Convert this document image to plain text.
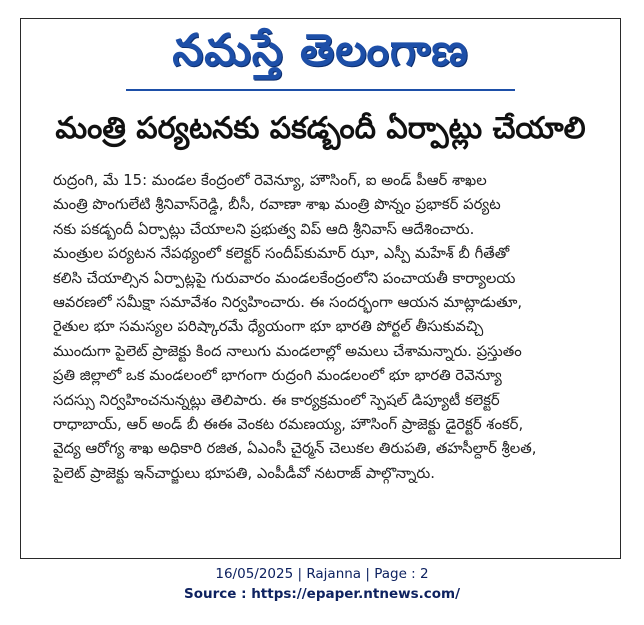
నమస్తే తెలంగాణ
మంత్రి పర్యటనకు పకడ్బందీ ఏర్పాట్లు చేయాలి
రుద్రంగి, మే 15: మండల కేంద్రంలో రెవెన్యూ, హౌసింగ్, ఐ అండ్ పీఆర్ శాఖల
మంత్రి పొంగులేటి శ్రీనివాస్‌రెడ్డి, బీసీ, రవాణా శాఖ మంత్రి పొన్నం ప్రభాకర్ పర్యట
నకు పకడ్బందీ ఏర్పాట్లు చేయాలని ప్రభుత్వ విప్ ఆది శ్రీనివాస్ ఆదేశించారు.
మంత్రుల పర్యటన నేపథ్యంలో కలెక్టర్ సందీప్‌కుమార్ ఝా, ఎస్పీ మహేశ్ బీ గీతేతో
కలిసి చేయాల్సిన ఏర్పాట్లపై గురువారం మండలకేంద్రంలోని పంచాయతీ కార్యాలయ
ఆవరణలో సమీక్షా సమావేశం నిర్వహించారు. ఈ సందర్భంగా ఆయన మాట్లాడుతూ,
రైతుల భూ సమస్యల పరిష్కారమే ధ్యేయంగా భూ భారతి పోర్టల్ తీసుకువచ్చి
ముందుగా పైలెట్ ప్రాజెక్టు కింద నాలుగు మండలాల్లో అమలు చేశామన్నారు. ప్రస్తుతం
ప్రతి జిల్లాలో ఒక మండలంలో భాగంగా రుద్రంగి మండలంలో భూ భారతి రెవెన్యూ
సదస్సు నిర్వహించనున్నట్లు తెలిపారు. ఈ కార్యక్రమంలో స్పెషల్ డిప్యూటీ కలెక్టర్
రాధాబాయ్, ఆర్ అండ్ బీ ఈఈ వెంకట రమణయ్య, హౌసింగ్ ప్రాజెక్టు డైరెక్టర్ శంకర్,
వైద్య ఆరోగ్య శాఖ అధికారి రజిత, ఏఎంసీ చైర్మన్ చెలుకల తిరుపతి, తహసీల్దార్ శ్రీలత,
పైలెట్ ప్రాజెక్టు ఇన్‌చార్జులు భూపతి, ఎంపీడీవో నటరాజ్ పాల్గొన్నారు.
16/05/2025 | Rajanna | Page : 2
Source : https://epaper.ntnews.com/
